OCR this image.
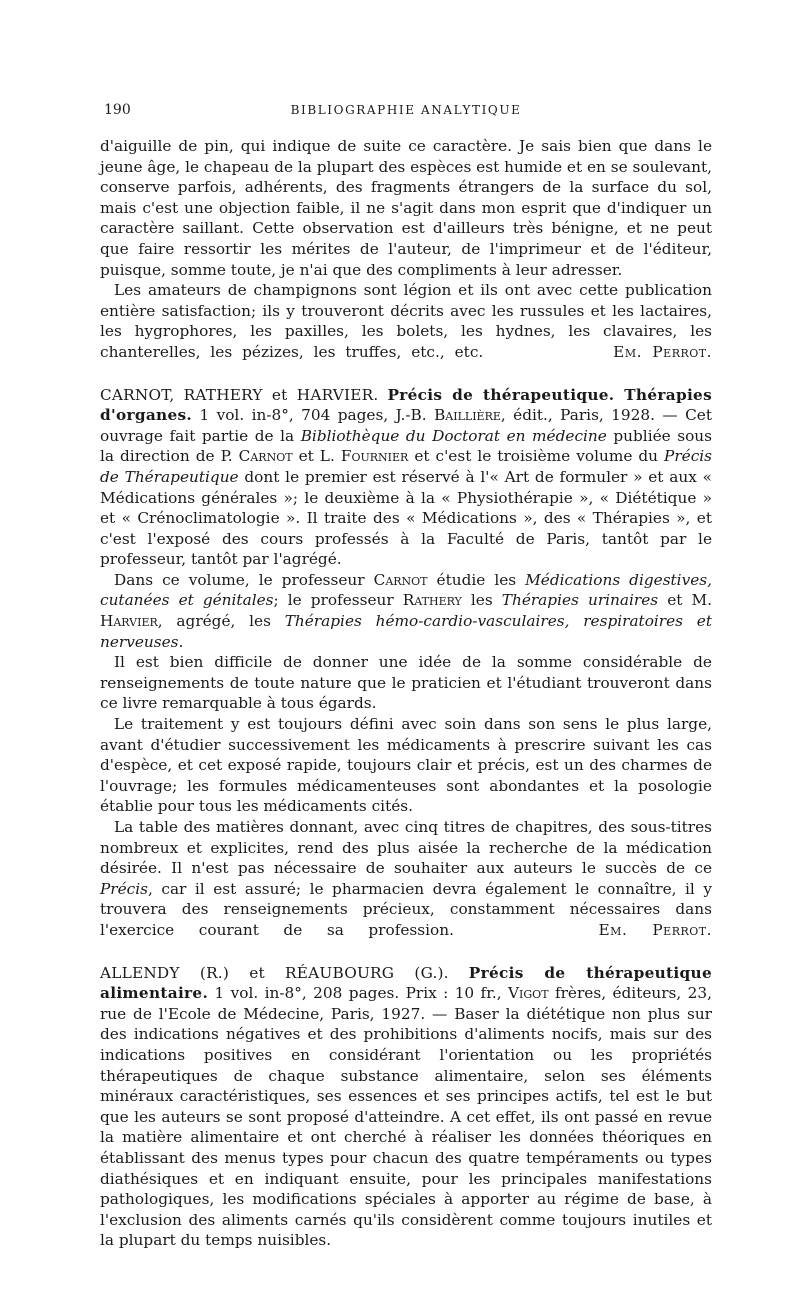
190	BIBLIOGRAPHIE ANALYTIQUE

d'aiguille de pin, qui indique de suite ce caractère. Je sais bien que dans le jeune âge, le chapeau de la plupart des espèces est humide et en se soulevant, conserve parfois, adhérents, des fragments étrangers de la surface du sol, mais c'est une objection faible, il ne s'agit dans mon esprit que d'indiquer un caractère saillant. Cette observation est d'ailleurs très bénigne, et ne peut que faire ressortir les mérites de l'auteur, de l'imprimeur et de l'éditeur, puisque, somme toute, je n'ai que des compliments à leur adresser.

Les amateurs de champignons sont légion et ils ont avec cette publication entière satisfaction; ils y trouveront décrits avec les russules et les lactaires, les hygrophores, les paxilles, les bolets, les hydnes, les clavaires, les chanterelles, les pézizes, les truffes, etc., etc.	Em. Perrot.

CARNOT, RATHERY et HARVIER. Précis de thérapeutique. Thérapies d'organes. 1 vol. in-8°, 704 pages, J.-B. Baillière, édit., Paris, 1928. — Cet ouvrage fait partie de la Bibliothèque du Doctorat en médecine publiée sous la direction de P. Carnot et L. Fournier et c'est le troisième volume du Précis de Thérapeutique dont le premier est réservé à l'« Art de formuler » et aux « Médications générales »; le deuxième à la « Physiothérapie », « Diététique » et « Crénoclimatologie ». Il traite des « Médications », des « Thérapies », et c'est l'exposé des cours professés à la Faculté de Paris, tantôt par le professeur, tantôt par l'agrégé.

Dans ce volume, le professeur Carnot étudie les Médications digestives, cutanées et génitales; le professeur Rathery les Thérapies urinaires et M. Harvier, agrégé, les Thérapies hémo-cardio-vasculaires, respiratoires et nerveuses.

Il est bien difficile de donner une idée de la somme considérable de renseignements de toute nature que le praticien et l'étudiant trouveront dans ce livre remarquable à tous égards.

Le traitement y est toujours défini avec soin dans son sens le plus large, avant d'étudier successivement les médicaments à prescrire suivant les cas d'espèce, et cet exposé rapide, toujours clair et précis, est un des charmes de l'ouvrage; les formules médicamenteuses sont abondantes et la posologie établie pour tous les médicaments cités.

La table des matières donnant, avec cinq titres de chapitres, des sous-titres nombreux et explicites, rend des plus aisée la recherche de la médication désirée. Il n'est pas nécessaire de souhaiter aux auteurs le succès de ce Précis, car il est assuré; le pharmacien devra également le connaître, il y trouvera des renseignements précieux, constamment nécessaires dans l'exercice courant de sa profession.	Em. Perrot.

ALLENDY (R.) et RÉAUBOURG (G.). Précis de thérapeutique alimentaire. 1 vol. in-8°, 208 pages. Prix : 10 fr., Vigot frères, éditeurs, 23, rue de l'Ecole de Médecine, Paris, 1927. — Baser la diététique non plus sur des indications négatives et des prohibitions d'aliments nocifs, mais sur des indications positives en considérant l'orientation ou les propriétés thérapeutiques de chaque substance alimentaire, selon ses éléments minéraux caractéristiques, ses essences et ses principes actifs, tel est le but que les auteurs se sont proposé d'atteindre. A cet effet, ils ont passé en revue la matière alimentaire et ont cherché à réaliser les données théoriques en établissant des menus types pour chacun des quatre tempéraments ou types diathésiques et en indiquant ensuite, pour les principales manifestations pathologiques, les modifications spéciales à apporter au régime de base, à l'exclusion des aliments carnés qu'ils considèrent comme toujours inutiles et la plupart du temps nuisibles.
